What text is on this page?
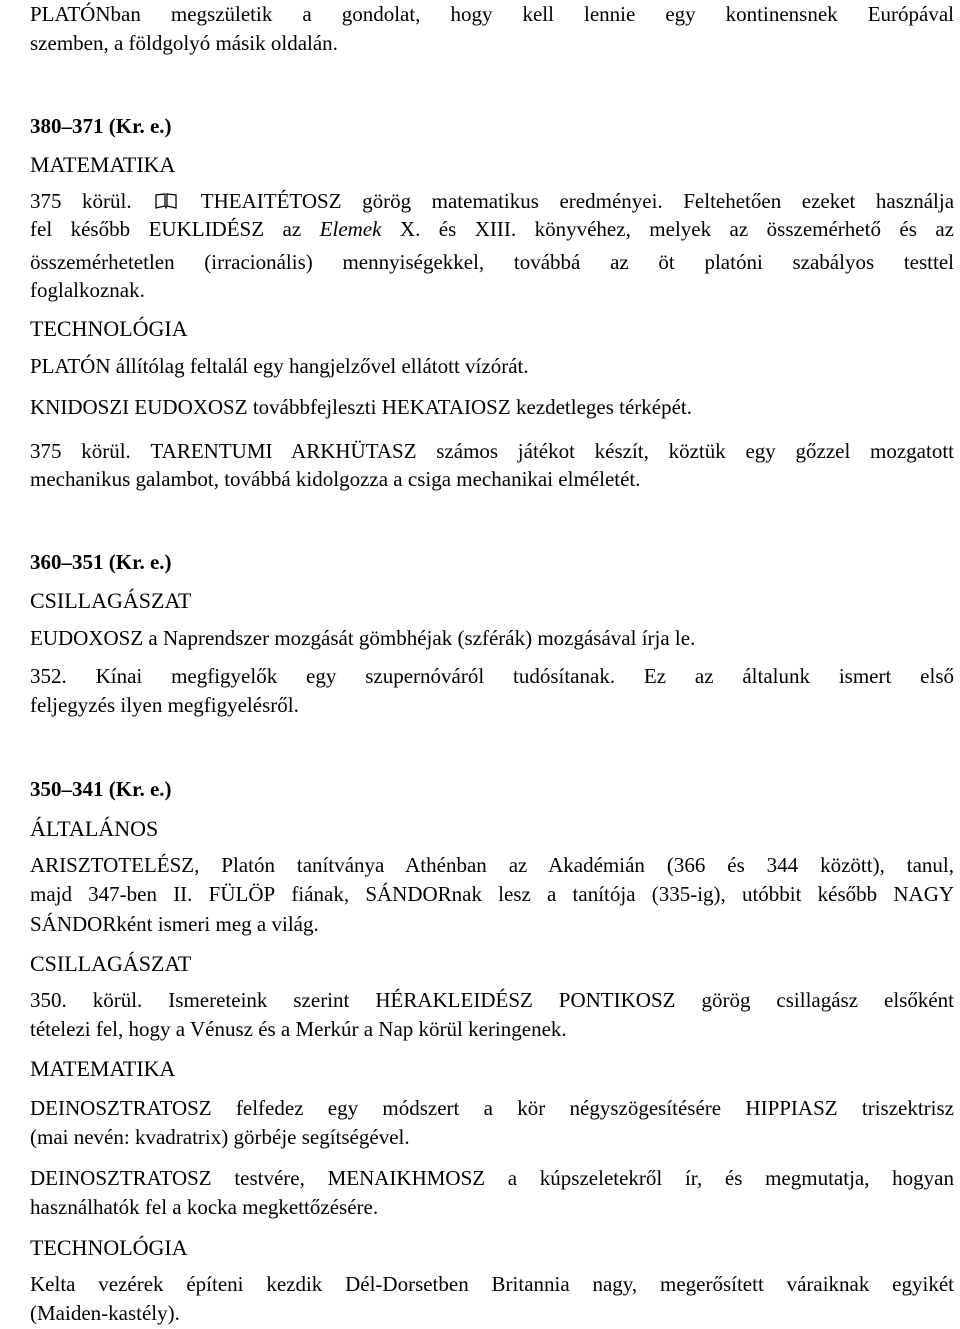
PLATÓNban megszületik a gondolat, hogy kell lennie egy kontinensnek Európával
szemben, a földgolyó másik oldalán.
380–371 (Kr. e.)
MATEMATIKA
375 körül.	THEAITÉTOSZ görög matematikus eredményei. Feltehetően ezeket használja
fel később EUKLIDÉSZ az Elemek X. és XIII. könyvéhez, melyek az összemérhető és az
összemérhetetlen (irracionális) mennyiségekkel, továbbá az öt platóni szabályos testtel
foglalkoznak.
TECHNOLÓGIA
PLATÓN állítólag feltalál egy hangjelzővel ellátott vízórát.
KNIDOSZI EUDOXOSZ továbbfejleszti HEKATAIOSZ kezdetleges térképét.
375 körül. TARENTUMI ARKHÜTASZ számos játékot készít, köztük egy gőzzel mozgatott
mechanikus galambot, továbbá kidolgozza a csiga mechanikai elméletét.
360–351 (Kr. e.)
CSILLAGÁSZAT
EUDOXOSZ a Naprendszer mozgását gömbhéjak (szférák) mozgásával írja le.
352. Kínai megfigyelők egy szupernóváról tudósítanak. Ez az általunk ismert első
feljegyzés ilyen megfigyelésről.
350–341 (Kr. e.)
ÁLTALÁNOS
ARISZTOTELÉSZ, Platón tanítványa Athénban az Akadémián (366 és 344 között), tanul,
majd 347-ben II. FÜLÖP fiának, SÁNDORnak lesz a tanítója (335-ig), utóbbit később NAGY
SÁNDORként ismeri meg a világ.
CSILLAGÁSZAT
350. körül. Ismereteink szerint HÉRAKLEIDÉSZ PONTIKOSZ görög csillagász elsőként
tételezi fel, hogy a Vénusz és a Merkúr a Nap körül keringenek.
MATEMATIKA
DEINOSZTRATOSZ felfedez egy módszert a kör négyszögesítésére HIPPIASZ triszektrisz
(mai nevén: kvadratrix) görbéje segítségével.
DEINOSZTRATOSZ testvére, MENAIKHMOSZ a kúpszeletekről ír, és megmutatja, hogyan
használhatók fel a kocka megkettőzésére.
TECHNOLÓGIA
Kelta vezérek építeni kezdik Dél-Dorsetben Britannia nagy, megerősített váraiknak egyikét
(Maiden-kastély).
